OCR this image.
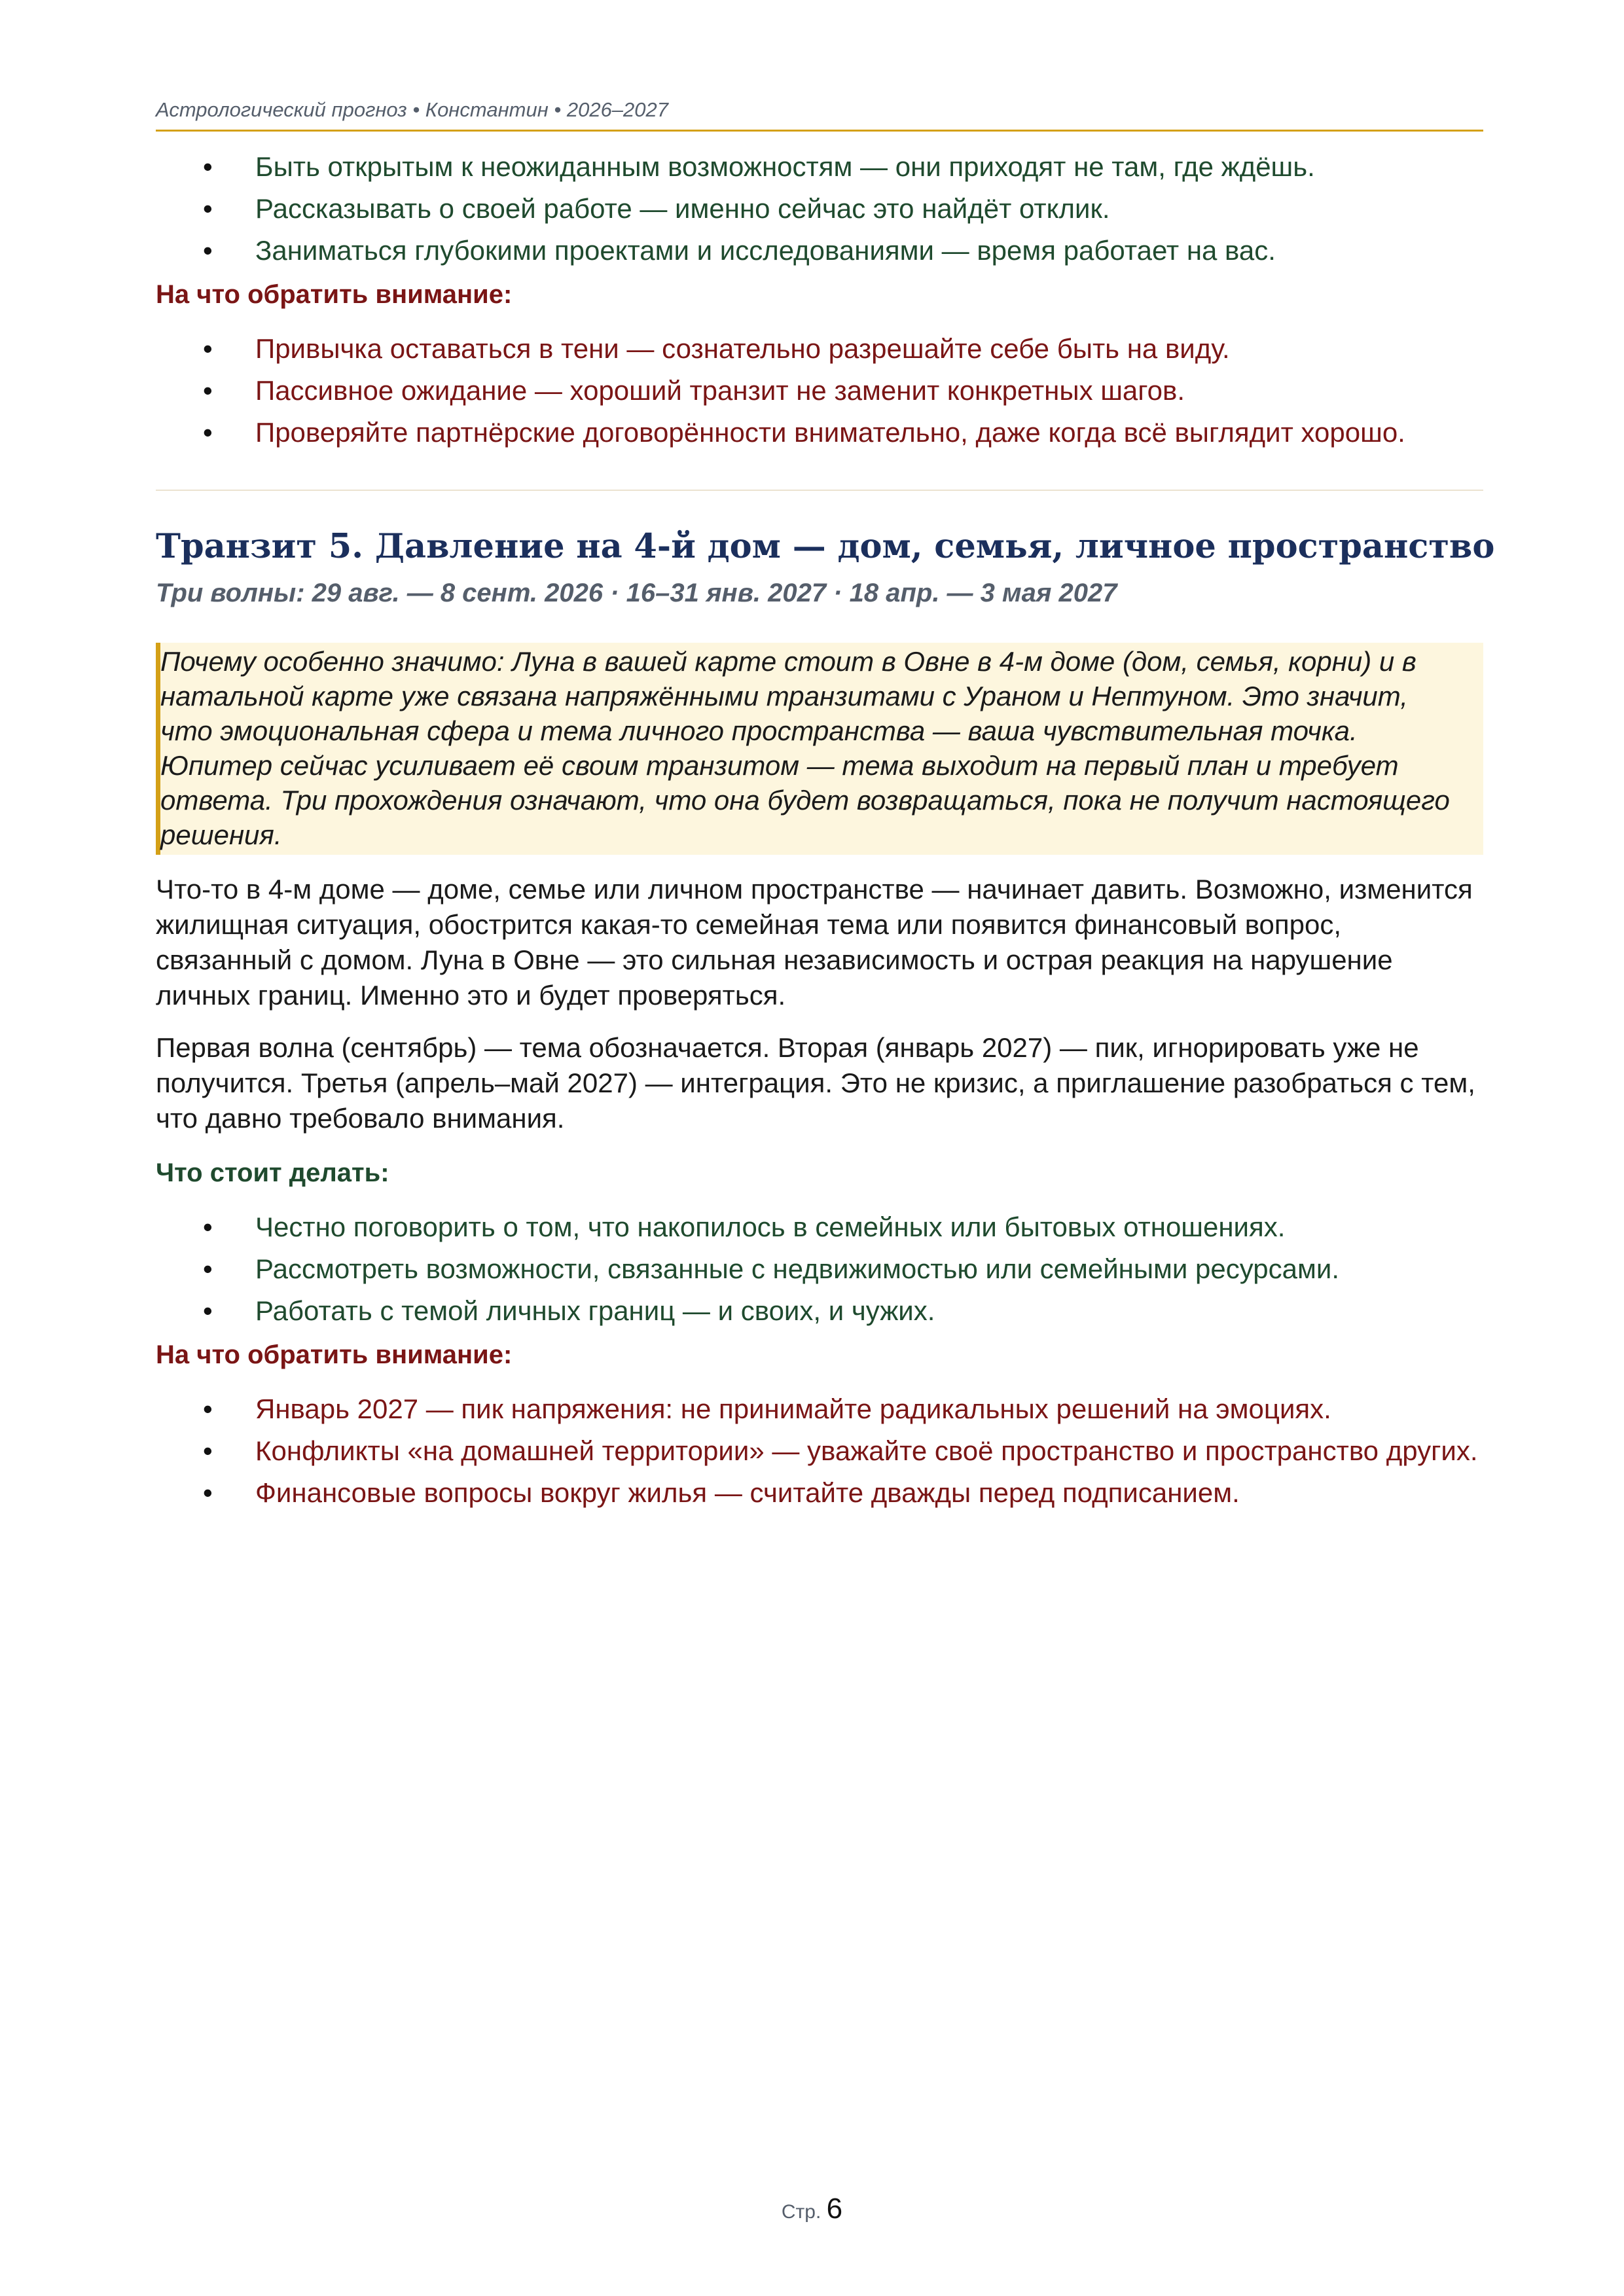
Астрологический прогноз • Константин • 2026–2027
• Быть открытым к неожиданным возможностям — они приходят не там, где ждёшь.
• Рассказывать о своей работе — именно сейчас это найдёт отклик.
• Заниматься глубокими проектами и исследованиями — время работает на вас.
На что обратить внимание:
• Привычка оставаться в тени — сознательно разрешайте себе быть на виду.
• Пассивное ожидание — хороший транзит не заменит конкретных шагов.
• Проверяйте партнёрские договорённости внимательно, даже когда всё выглядит хорошо.
Транзит 5. Давление на 4-й дом — дом, семья, личное пространство
Три волны: 29 авг. — 8 сент. 2026 · 16–31 янв. 2027 · 18 апр. — 3 мая 2027
Почему особенно значимо: Луна в вашей карте стоит в Овне в 4-м доме (дом, семья, корни) и в натальной карте уже связана напряжёнными транзитами с Ураном и Нептуном. Это значит, что эмоциональная сфера и тема личного пространства — ваша чувствительная точка. Юпитер сейчас усиливает её своим транзитом — тема выходит на первый план и требует ответа. Три прохождения означают, что она будет возвращаться, пока не получит настоящего решения.

Что-то в 4-м доме — доме, семье или личном пространстве — начинает давить. Возможно, изменится жилищная ситуация, обострится какая-то семейная тема или появится финансовый вопрос, связанный с домом. Луна в Овне — это сильная независимость и острая реакция на нарушение личных границ. Именно это и будет проверяться.

Первая волна (сентябрь) — тема обозначается. Вторая (январь 2027) — пик, игнорировать уже не получится. Третья (апрель–май 2027) — интеграция. Это не кризис, а приглашение разобраться с тем, что давно требовало внимания.

Что стоит делать:
• Честно поговорить о том, что накопилось в семейных или бытовых отношениях.
• Рассмотреть возможности, связанные с недвижимостью или семейными ресурсами.
• Работать с темой личных границ — и своих, и чужих.
На что обратить внимание:
• Январь 2027 — пик напряжения: не принимайте радикальных решений на эмоциях.
• Конфликты «на домашней территории» — уважайте своё пространство и пространство других.
• Финансовые вопросы вокруг жилья — считайте дважды перед подписанием.
Стр. 6
